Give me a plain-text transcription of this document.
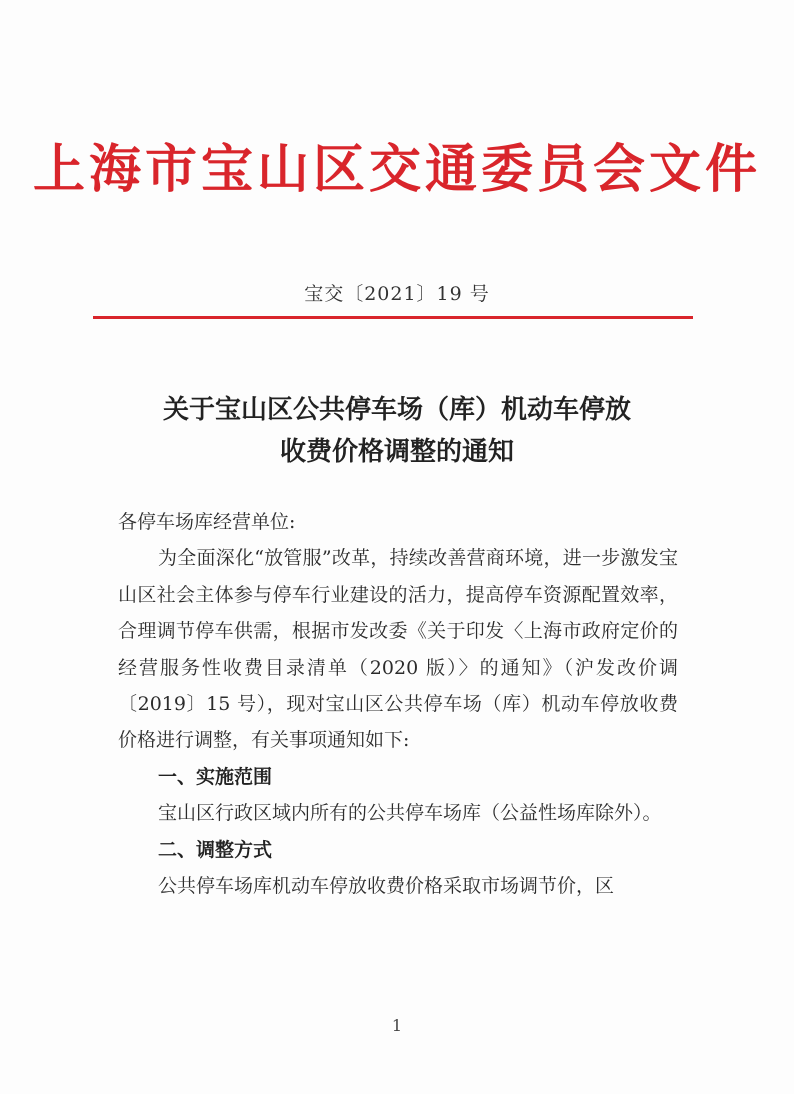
上海市宝山区交通委员会文件
宝交〔2021〕19 号
关于宝山区公共停车场（库）机动车停放
收费价格调整的通知

各停车场库经营单位:

为全面深化“放管服”改革，持续改善营商环境，进一步激发宝山区社会主体参与停车行业建设的活力，提高停车资源配置效率，合理调节停车供需，根据市发改委《关于印发〈上海市政府定价的经营服务性收费目录清单（2020 版）〉的通知》（沪发改价调〔2019〕15 号），现对宝山区公共停车场（库）机动车停放收费价格进行调整，有关事项通知如下:

一、实施范围

宝山区行政区域内所有的公共停车场库（公益性场库除外）。

二、调整方式

公共停车场库机动车停放收费价格采取市场调节价，区

1
